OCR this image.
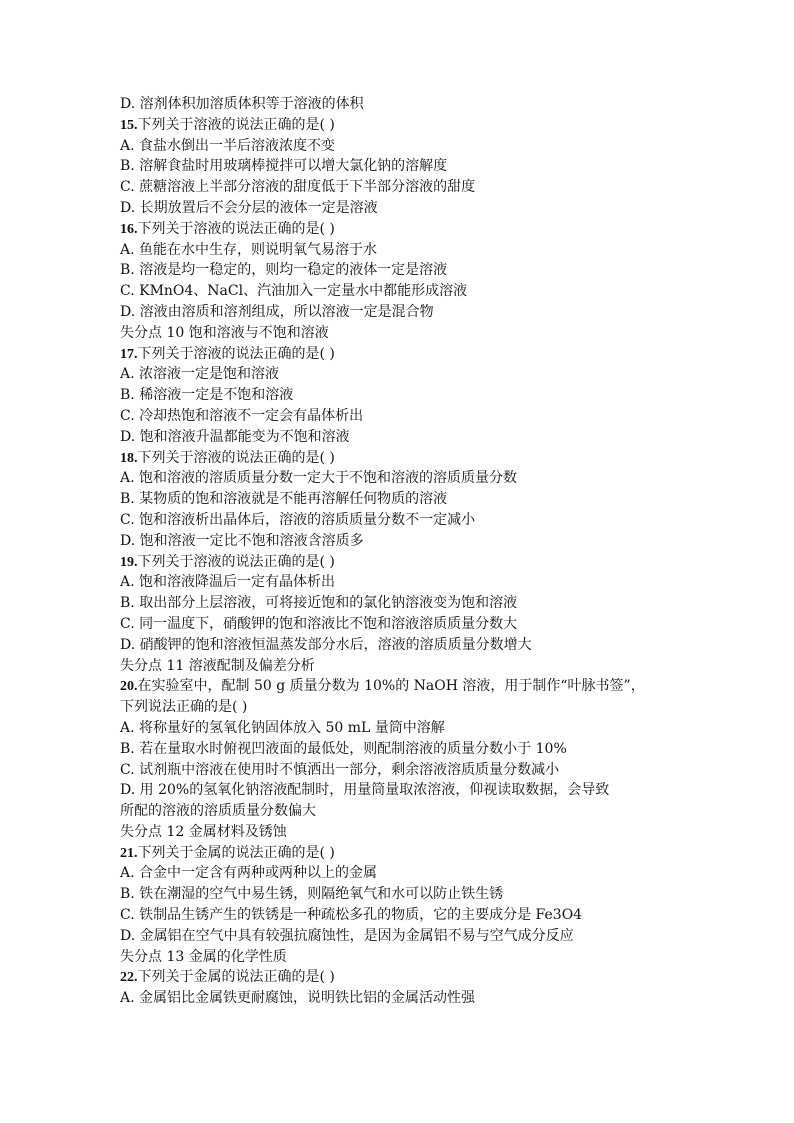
D. 溶剂体积加溶质体积等于溶液的体积
15.下列关于溶液的说法正确的是( )
A. 食盐水倒出一半后溶液浓度不变
B. 溶解食盐时用玻璃棒搅拌可以增大氯化钠的溶解度
C. 蔗糖溶液上半部分溶液的甜度低于下半部分溶液的甜度
D. 长期放置后不会分层的液体一定是溶液
16.下列关于溶液的说法正确的是( )
A. 鱼能在水中生存，则说明氧气易溶于水
B. 溶液是均一稳定的，则均一稳定的液体一定是溶液
C. KMnO4、NaCl、汽油加入一定量水中都能形成溶液
D. 溶液由溶质和溶剂组成，所以溶液一定是混合物
失分点 10 饱和溶液与不饱和溶液
17.下列关于溶液的说法正确的是( )
A. 浓溶液一定是饱和溶液
B. 稀溶液一定是不饱和溶液
C. 冷却热饱和溶液不一定会有晶体析出
D. 饱和溶液升温都能变为不饱和溶液
18.下列关于溶液的说法正确的是( )
A. 饱和溶液的溶质质量分数一定大于不饱和溶液的溶质质量分数
B. 某物质的饱和溶液就是不能再溶解任何物质的溶液
C. 饱和溶液析出晶体后，溶液的溶质质量分数不一定减小
D. 饱和溶液一定比不饱和溶液含溶质多
19.下列关于溶液的说法正确的是( )
A. 饱和溶液降温后一定有晶体析出
B. 取出部分上层溶液，可将接近饱和的氯化钠溶液变为饱和溶液
C. 同一温度下，硝酸钾的饱和溶液比不饱和溶液溶质质量分数大
D. 硝酸钾的饱和溶液恒温蒸发部分水后，溶液的溶质质量分数增大
失分点 11 溶液配制及偏差分析
20.在实验室中，配制 50 g 质量分数为 10%的 NaOH 溶液，用于制作“叶脉书签”，
下列说法正确的是( )
A. 将称量好的氢氧化钠固体放入 50 mL 量筒中溶解
B. 若在量取水时俯视凹液面的最低处，则配制溶液的质量分数小于 10%
C. 试剂瓶中溶液在使用时不慎洒出一部分，剩余溶液溶质质量分数减小
D. 用 20%的氢氧化钠溶液配制时，用量筒量取浓溶液，仰视读取数据，会导致
所配的溶液的溶质质量分数偏大
失分点 12 金属材料及锈蚀
21.下列关于金属的说法正确的是( )
A. 合金中一定含有两种或两种以上的金属
B. 铁在潮湿的空气中易生锈，则隔绝氧气和水可以防止铁生锈
C. 铁制品生锈产生的铁锈是一种疏松多孔的物质，它的主要成分是 Fe3O4
D. 金属铝在空气中具有较强抗腐蚀性，是因为金属铝不易与空气成分反应
失分点 13 金属的化学性质
22.下列关于金属的说法正确的是( )
A. 金属铝比金属铁更耐腐蚀，说明铁比铝的金属活动性强
